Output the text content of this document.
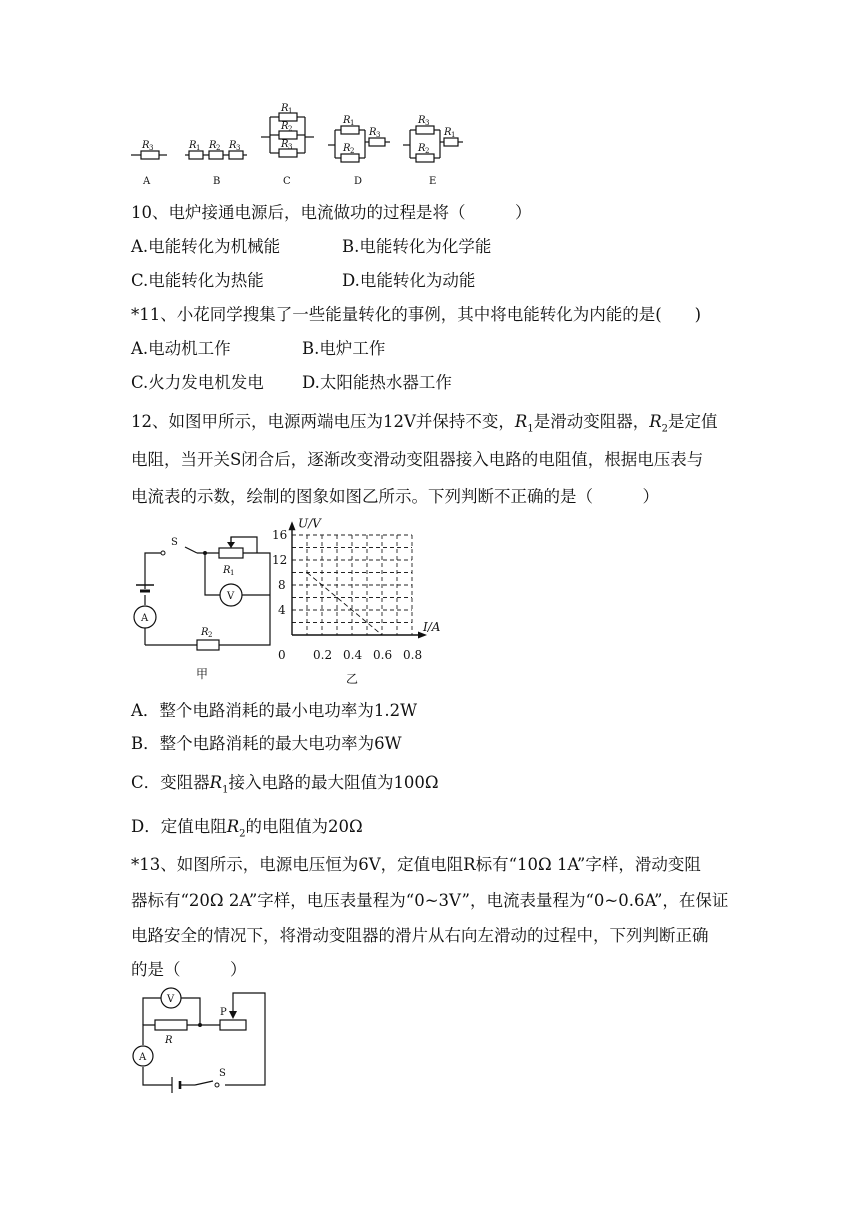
R 3
A
R 1 R 2 R 3
B
R 1
R 2
R 3
C
R 1
R 2
R 3
D
R 3
R 2
R 1
E
10、电炉接通电源后，电流做功的过程是将（　　　）
A.电能转化为机械能	B.电能转化为化学能
C.电能转化为热能	D.电能转化为动能
*11、小花同学搜集了一些能量转化的事例，其中将电能转化为内能的是(　　)
A.电动机工作	B.电炉工作
C.火力发电机发电 D.太阳能热水器工作
12、如图甲所示，电源两端电压为12V并保持不变，$R_1$是滑动变阻器，$R_2$是定值
电阻，当开关S闭合后，逐渐改变滑动变阻器接入电路的电阻值，根据电压表与
电流表的示数，绘制的图象如图乙所示。下列判断不正确的是（　　　）
S
R 1
V
A
R 2
甲
0.2 0.4 0.6 0.8
4
8
12
16
U/V
I/A
0
乙
A．整个电路消耗的最小电功率为1.2W
B．整个电路消耗的最大电功率为6W
C．变阻器$R_1$接入电路的最大阻值为100Ω
D．定值电阻$R_2$的电阻值为20Ω
*13、如图所示，电源电压恒为6V，定值电阻R标有“10Ω 1A”字样，滑动变阻
器标有“20Ω 2A”字样，电压表量程为“0~3V”，电流表量程为“0~0.6A”，在保证
电路安全的情况下，将滑动变阻器的滑片从右向左滑动的过程中，下列判断正确
的是（　　　）
V
R
P
A
S
